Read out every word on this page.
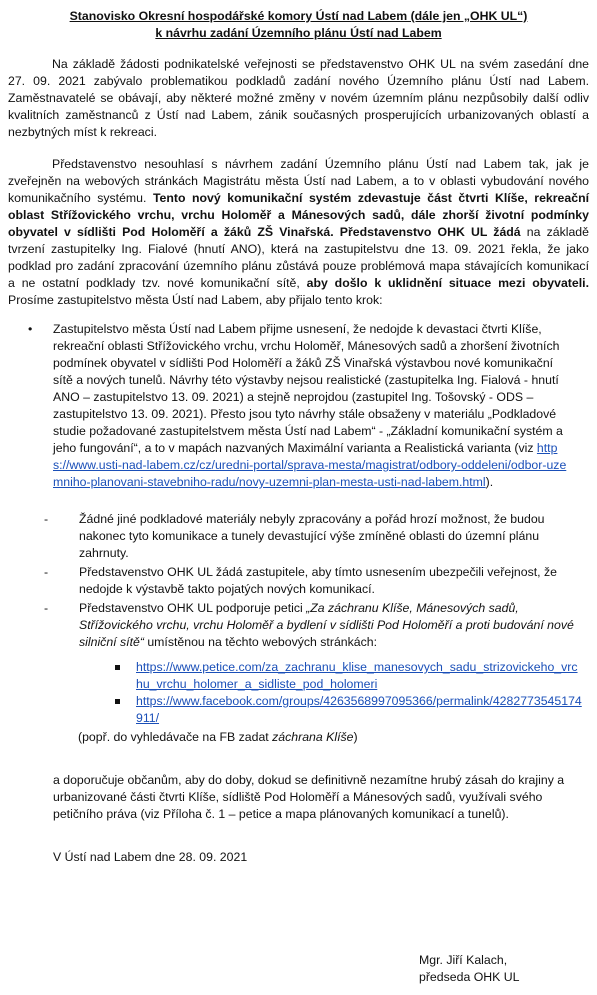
Stanovisko Okresní hospodářské komory Ústí nad Labem (dále jen „OHK UL“)
k návrhu zadání Územního plánu Ústí nad Labem

Na základě žádosti podnikatelské veřejnosti se představenstvo OHK UL na svém zasedání dne 27. 09. 2021 zabývalo problematikou podkladů zadání nového Územního plánu Ústí nad Labem. Zaměstnavatelé se obávají, aby některé možné změny v novém územním plánu nezpůsobily další odliv kvalitních zaměstnanců z Ústí nad Labem, zánik současných prosperujících urbanizovaných oblastí a nezbytných míst k rekreaci.

Představenstvo nesouhlasí s návrhem zadání Územního plánu Ústí nad Labem tak, jak je zveřejněn na webových stránkách Magistrátu města Ústí nad Labem, a to v oblasti vybudování nového komunikačního systému. Tento nový komunikační systém zdevastuje část čtvrti Klíše, rekreační oblast Střížovického vrchu, vrchu Holoměř a Mánesových sadů, dále zhorší životní podmínky obyvatel v sídlišti Pod Holoměří a žáků ZŠ Vinařská. Představenstvo OHK UL žádá na základě tvrzení zastupitelky Ing. Fialové (hnutí ANO), která na zastupitelstvu dne 13. 09. 2021 řekla, že jako podklad pro zadání zpracování územního plánu zůstává pouze problémová mapa stávajících komunikací a ne ostatní podklady tzv. nové komunikační sítě, aby došlo k uklidnění situace mezi obyvateli. Prosíme zastupitelstvo města Ústí nad Labem, aby přijalo tento krok:

• Zastupitelstvo města Ústí nad Labem přijme usnesení, že nedojde k devastaci čtvrti Klíše, rekreační oblasti Střížovického vrchu, vrchu Holoměř, Mánesových sadů a zhoršení životních podmínek obyvatel v sídlišti Pod Holoměří a žáků ZŠ Vinařská výstavbou nové komunikační sítě a nových tunelů. Návrhy této výstavby nejsou realistické (zastupitelka Ing. Fialová - hnutí ANO – zastupitelstvo 13. 09. 2021) a stejně neprojdou (zastupitel Ing. Tošovský - ODS – zastupitelstvo 13. 09. 2021). Přesto jsou tyto návrhy stále obsaženy v materiálu „Podkladové studie požadované zastupitelstvem města Ústí nad Labem“ - „Základní komunikační systém a jeho fungování“, a to v mapách nazvaných Maximální varianta a Realistická varianta (viz https://www.usti-nad-labem.cz/cz/uredni-portal/sprava-mesta/magistrat/odbory-oddeleni/odbor-uzemniho-planovani-stavebniho-radu/novy-uzemni-plan-mesta-usti-nad-labem.html).
-	Žádné jiné podkladové materiály nebyly zpracovány a pořád hrozí možnost, že budou nakonec tyto komunikace a tunely devastující výše zmíněné oblasti do územní plánu zahrnuty.
-	Představenstvo OHK UL žádá zastupitele, aby tímto usnesením ubezpečili veřejnost, že nedojde k výstavbě takto pojatých nových komunikací.
-	Představenstvo OHK UL podporuje petici „Za záchranu Klíše, Mánesových sadů, Střížovického vrchu, vrchu Holoměř a bydlení v sídlišti Pod Holoměří a proti budování nové silniční sítě“ umístěnou na těchto webových stránkách:
https://www.petice.com/za_zachranu_klise_manesovych_sadu_strizovickeho_vrchu_vrchu_holomer_a_sidliste_pod_holomeri
https://www.facebook.com/groups/4263568997095366/permalink/4282773545174911/
(popř. do vyhledávače na FB zadat záchrana Klíše)
a doporučuje občanům, aby do doby, dokud se definitivně nezamítne hrubý zásah do krajiny a urbanizované části čtvrti Klíše, sídliště Pod Holoměří a Mánesových sadů, využívali svého petičního práva (viz Příloha č. 1 – petice a mapa plánovaných komunikací a tunelů).
V Ústí nad Labem dne 28. 09. 2021
Mgr. Jiří Kalach,
předseda OHK UL
